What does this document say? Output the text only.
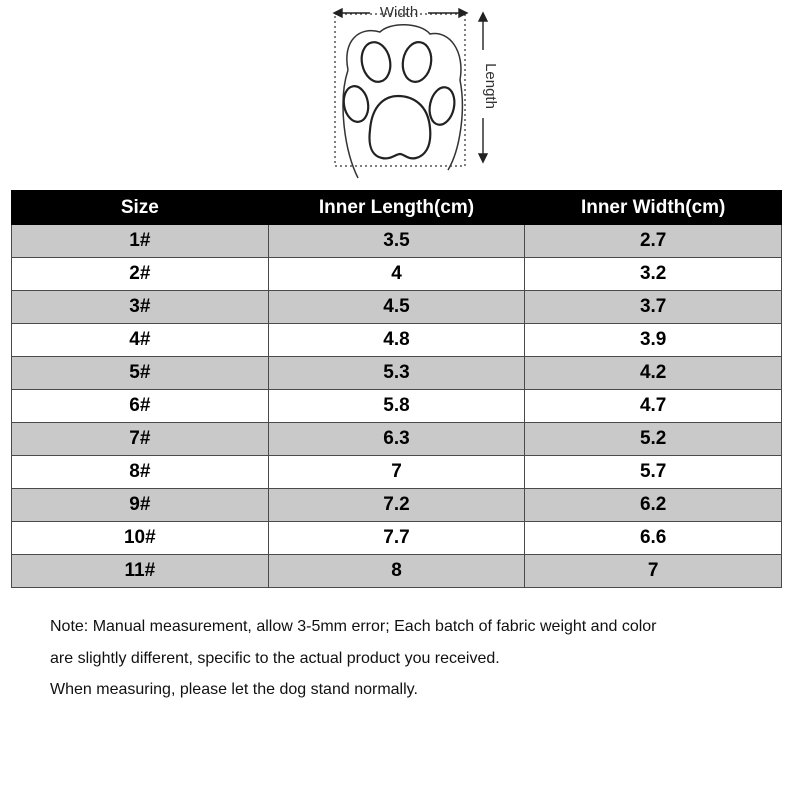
Width
Length
Size	Inner Length(cm)	Inner Width(cm)
1#	3.5	2.7
2#	4	3.2
3#	4.5	3.7
4#	4.8	3.9
5#	5.3	4.2
6#	5.8	4.7
7#	6.3	5.2
8#	7	5.7
9#	7.2	6.2
10#	7.7	6.6
11#	8	7

Note: Manual measurement, allow 3-5mm error; Each batch of fabric weight and color

are slightly different, specific to the actual product you received.

When measuring, please let the dog stand normally.
